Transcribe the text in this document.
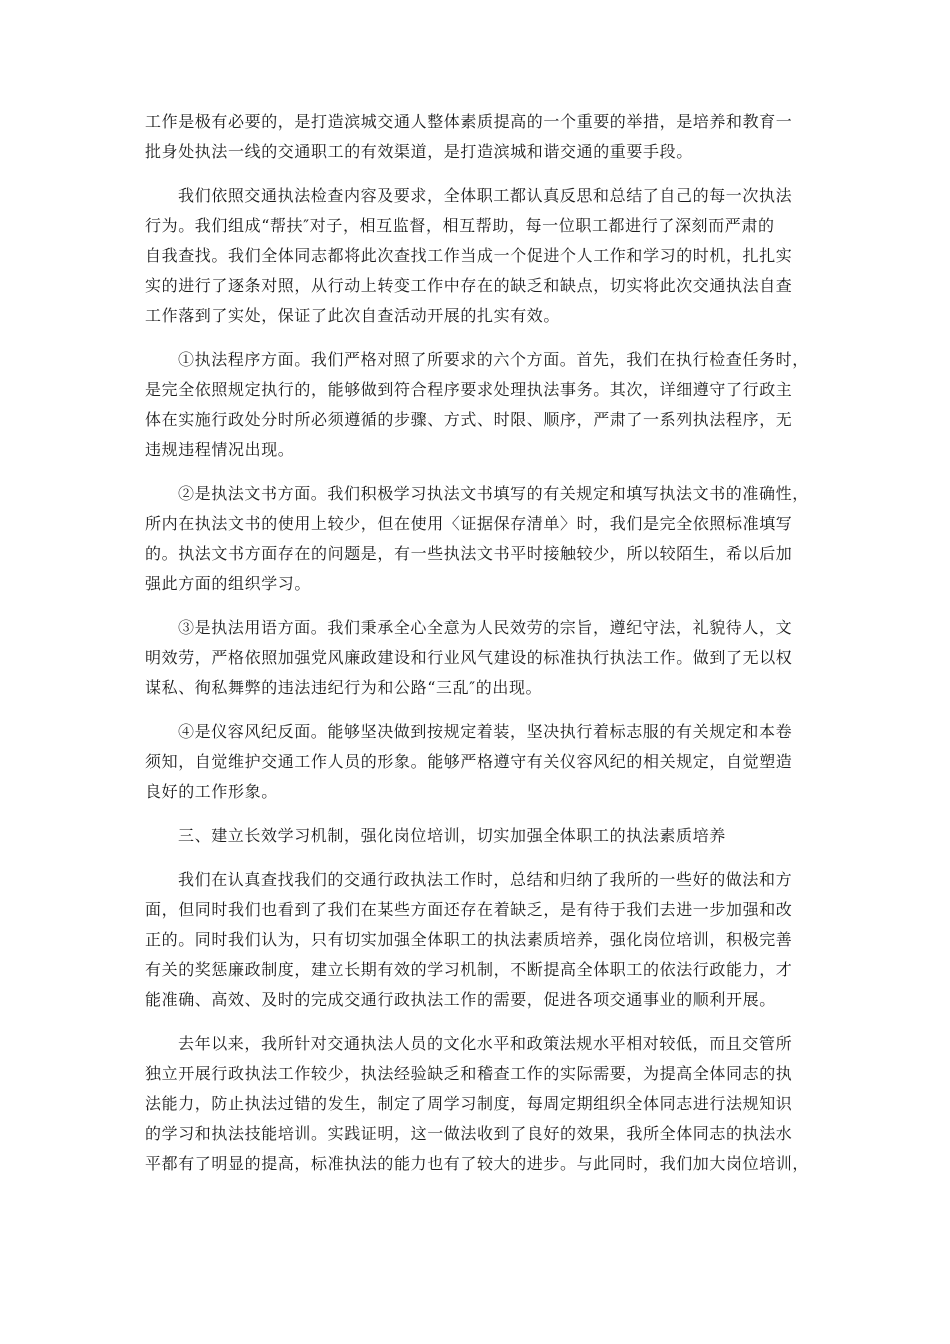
工作是极有必要的，是打造滨城交通人整体素质提高的一个重要的举措，是培养和教育一
批身处执法一线的交通职工的有效渠道，是打造滨城和谐交通的重要手段。

我们依照交通执法检查内容及要求，全体职工都认真反思和总结了自己的每一次执法
行为。我们组成“帮扶″对子，相互监督，相互帮助，每一位职工都进行了深刻而严肃的
自我查找。我们全体同志都将此次查找工作当成一个促进个人工作和学习的时机，扎扎实
实的进行了逐条对照，从行动上转变工作中存在的缺乏和缺点，切实将此次交通执法自查
工作落到了实处，保证了此次自查活动开展的扎实有效。

①执法程序方面。我们严格对照了所要求的六个方面。首先，我们在执行检查任务时，
是完全依照规定执行的，能够做到符合程序要求处理执法事务。其次，详细遵守了行政主
体在实施行政处分时所必须遵循的步骤、方式、时限、顺序，严肃了一系列执法程序，无
违规违程情况出现。

②是执法文书方面。我们积极学习执法文书填写的有关规定和填写执法文书的准确性，
所内在执法文书的使用上较少，但在使用〈证据保存清单〉时，我们是完全依照标准填写
的。执法文书方面存在的问题是，有一些执法文书平时接触较少，所以较陌生，希以后加
强此方面的组织学习。

③是执法用语方面。我们秉承全心全意为人民效劳的宗旨，遵纪守法，礼貌待人，文
明效劳，严格依照加强党风廉政建设和行业风气建设的标准执行执法工作。做到了无以权
谋私、徇私舞弊的违法违纪行为和公路“三乱″的出现。

④是仪容风纪反面。能够坚决做到按规定着装，坚决执行着标志服的有关规定和本卷
须知，自觉维护交通工作人员的形象。能够严格遵守有关仪容风纪的相关规定，自觉塑造
良好的工作形象。

三、建立长效学习机制，强化岗位培训，切实加强全体职工的执法素质培养

我们在认真查找我们的交通行政执法工作时，总结和归纳了我所的一些好的做法和方
面，但同时我们也看到了我们在某些方面还存在着缺乏，是有待于我们去进一步加强和改
正的。同时我们认为，只有切实加强全体职工的执法素质培养，强化岗位培训，积极完善
有关的奖惩廉政制度，建立长期有效的学习机制，不断提高全体职工的依法行政能力，才
能准确、高效、及时的完成交通行政执法工作的需要，促进各项交通事业的顺利开展。

去年以来，我所针对交通执法人员的文化水平和政策法规水平相对较低，而且交管所
独立开展行政执法工作较少，执法经验缺乏和稽查工作的实际需要，为提高全体同志的执
法能力，防止执法过错的发生，制定了周学习制度，每周定期组织全体同志进行法规知识
的学习和执法技能培训。实践证明，这一做法收到了良好的效果，我所全体同志的执法水
平都有了明显的提高，标准执法的能力也有了较大的进步。与此同时，我们加大岗位培训，
